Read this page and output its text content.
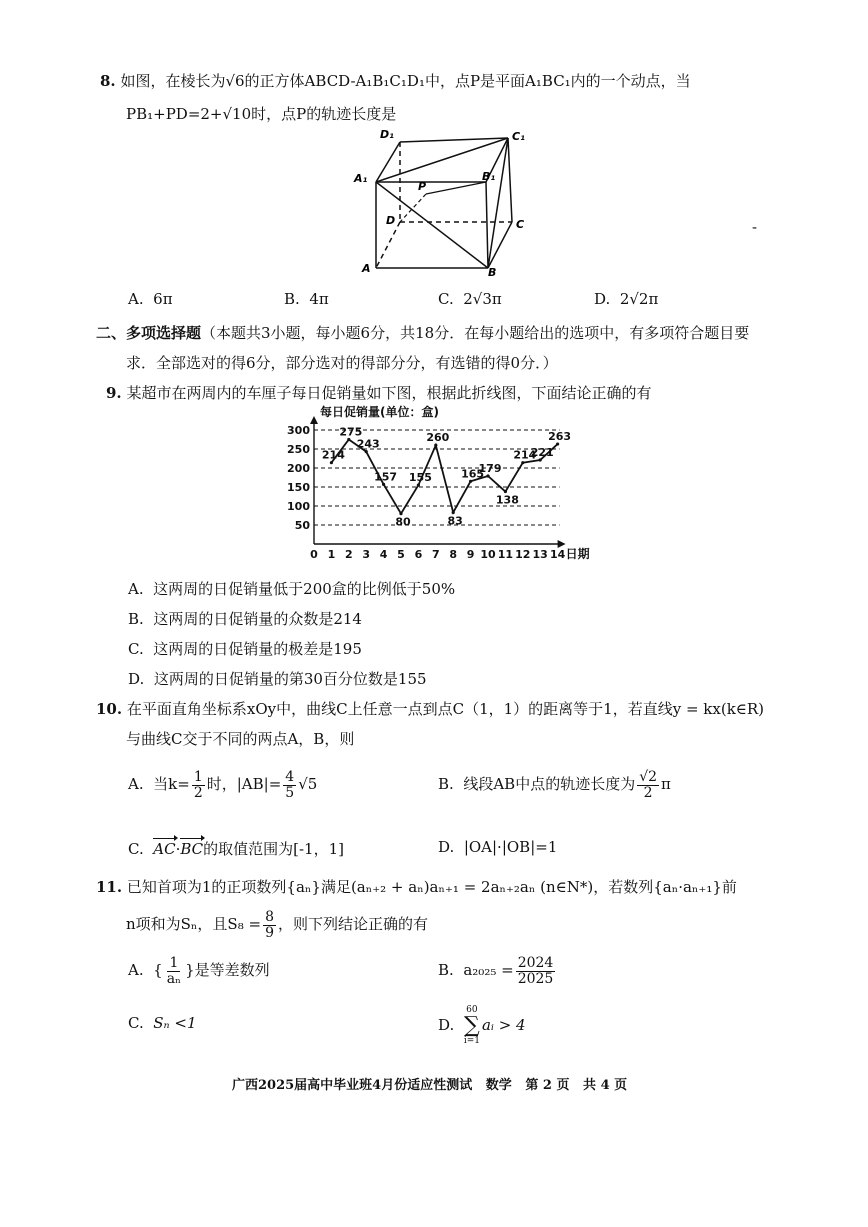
8. 如图，在棱长为√6的正方体ABCD-A₁B₁C₁D₁中，点P是平面A₁BC₁内的一个动点，当
PB₁+PD=2+√10时，点P的轨迹长度是
D₁	C₁
A₁
P
B₁
D	C
A	B
-
A. 6π	B. 4π	C. 2√3π	D. 2√2π
二、多项选择题（本题共3小题，每小题6分，共18分．在每小题给出的选项中，有多项符合题目要
求．全部选对的得6分，部分选对的得部分分，有选错的得0分．）
9. 某超市在两周内的车厘子每日促销量如下图，根据此折线图，下面结论正确的有
每日促销量(单位：盒)
50
100
150
200
250
300
0 1 2 3 4 5 6 7 8 9 10 11 12 13 14 日期
214
275
243
157
80
155
260
83
165
179
138
214
221
263
A. 这两周的日促销量低于200盒的比例低于50%
B. 这两周的日促销量的众数是214
C. 这两周的日促销量的极差是195
D. 这两周的日促销量的第30百分位数是155
10. 在平面直角坐标系xOy中，曲线C上任意一点到点C（1，1）的距离等于1，若直线y = kx(k∈R)
与曲线C交于不同的两点A，B，则
A. 当$k= \frac{1}{2}$ 时，$|AB|= \frac{4}{5} √5$	B. 线段AB中点的轨迹长度为 $\frac{√2}{2}$ π
C. AC·BC的取值范围为[-1，1]	D. |OA|·|OB|=1
11. 已知首项为1的正项数列{aₙ}满足(aₙ₊₂ + aₙ)aₙ₊₁ = 2aₙ₊₂aₙ (n∈N*)，若数列{aₙ·aₙ₊₁}前
n项和为Sₙ，且$S_8 = \frac{8}{9}$ ，则下列结论正确的有
A. { $\frac{1}{\text{aₙ}}$ }是等差数列	B. $a_{2025} = \frac{2024}{2025}$
C. Sₙ <1	D.
60
∑
i=1
aᵢ > 4
广西2025届高中毕业班4月份适应性测试   数学   第 2 页   共 4 页
